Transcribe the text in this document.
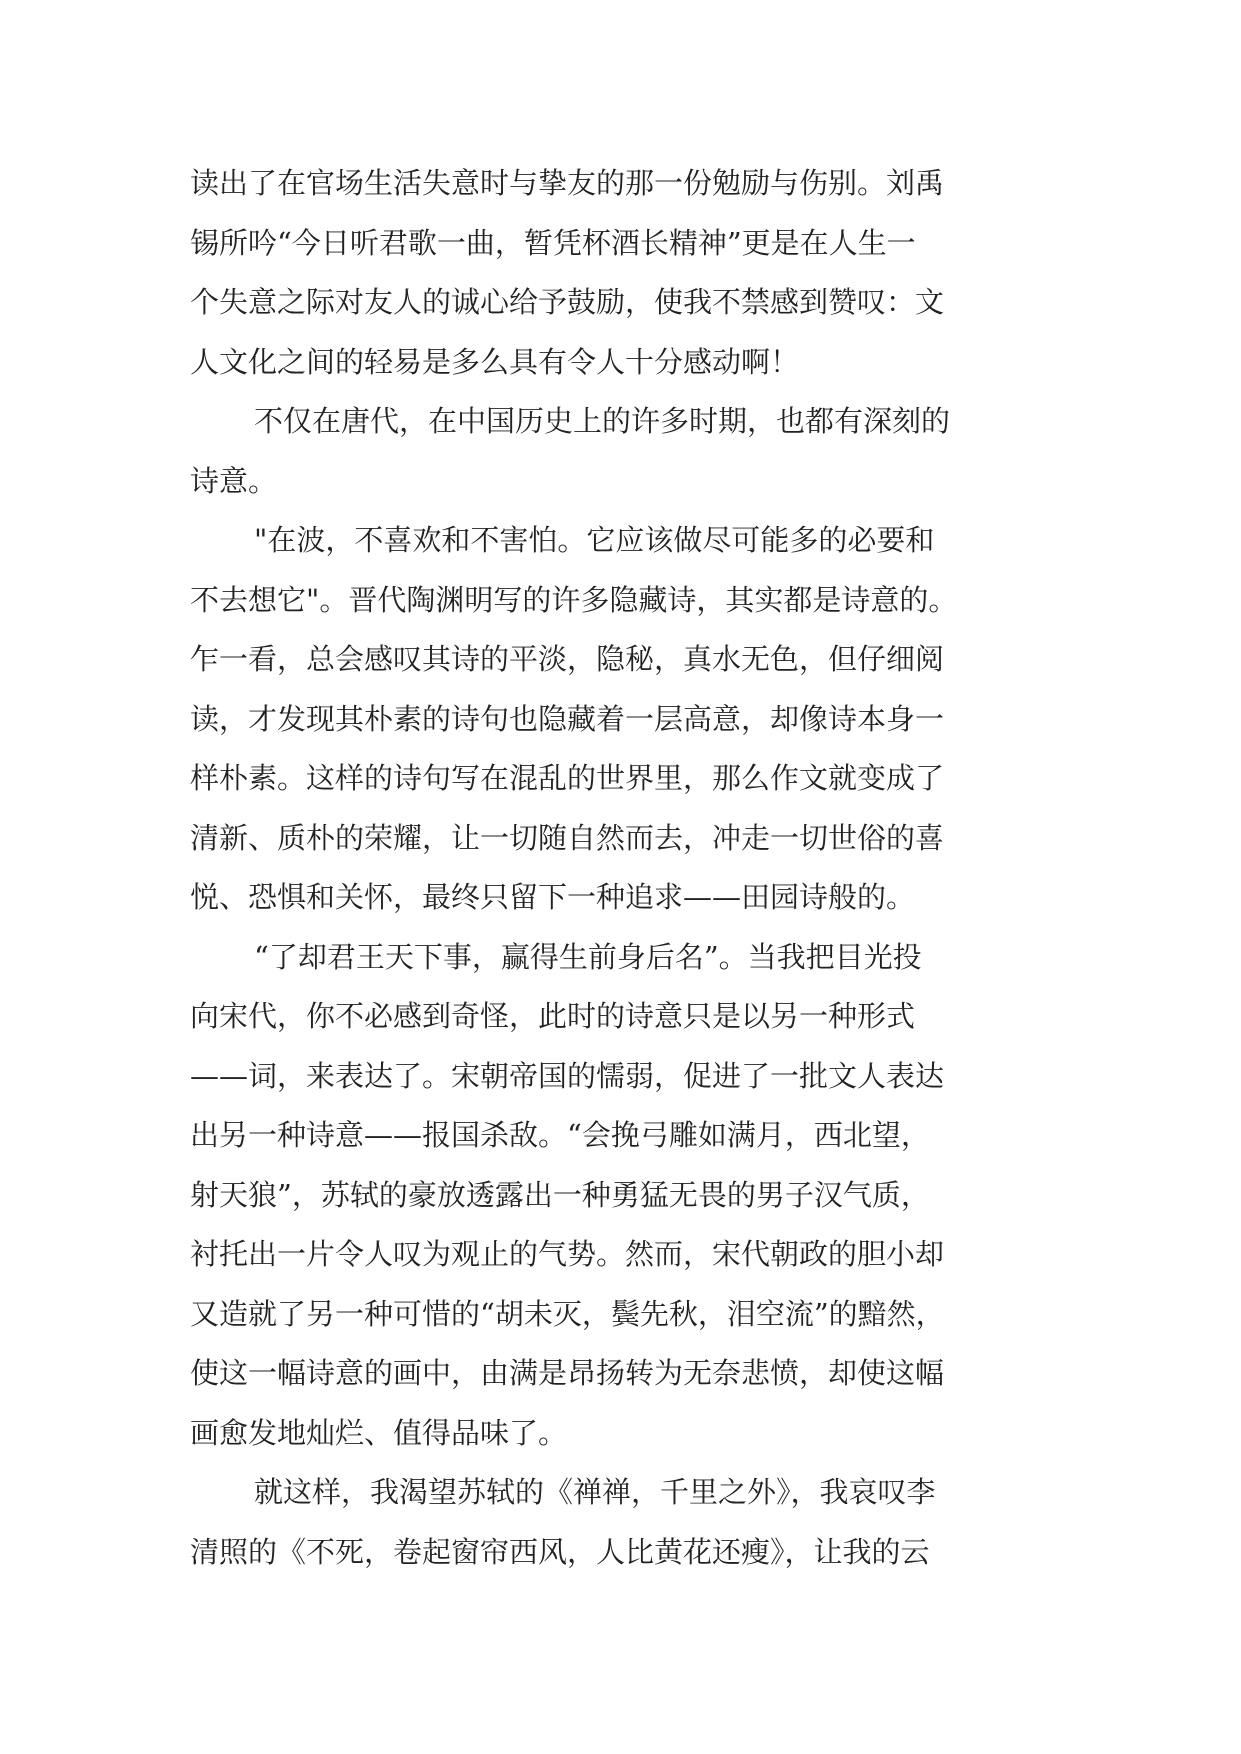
读出了在官场生活失意时与挚友的那一份勉励与伤别。刘禹
锡所吟“今日听君歌一曲，暂凭杯酒长精神”更是在人生一
个失意之际对友人的诚心给予鼓励，使我不禁感到赞叹：文
人文化之间的轻易是多么具有令人十分感动啊！
不仅在唐代，在中国历史上的许多时期，也都有深刻的
诗意。
"在波，不喜欢和不害怕。它应该做尽可能多的必要和
不去想它"。晋代陶渊明写的许多隐藏诗，其实都是诗意的。
乍一看，总会感叹其诗的平淡，隐秘，真水无色，但仔细阅
读，才发现其朴素的诗句也隐藏着一层高意，却像诗本身一
样朴素。这样的诗句写在混乱的世界里，那么作文就变成了
清新、质朴的荣耀，让一切随自然而去，冲走一切世俗的喜
悦、恐惧和关怀，最终只留下一种追求——田园诗般的。
“了却君王天下事，赢得生前身后名”。当我把目光投
向宋代，你不必感到奇怪，此时的诗意只是以另一种形式
——词，来表达了。宋朝帝国的懦弱，促进了一批文人表达
出另一种诗意——报国杀敌。“会挽弓雕如满月，西北望，
射天狼”，苏轼的豪放透露出一种勇猛无畏的男子汉气质，
衬托出一片令人叹为观止的气势。然而，宋代朝政的胆小却
又造就了另一种可惜的“胡未灭，鬓先秋，泪空流”的黯然，
使这一幅诗意的画中，由满是昂扬转为无奈悲愤，却使这幅
画愈发地灿烂、值得品味了。
就这样，我渴望苏轼的《禅禅，千里之外》，我哀叹李
清照的《不死，卷起窗帘西风，人比黄花还瘦》，让我的云
